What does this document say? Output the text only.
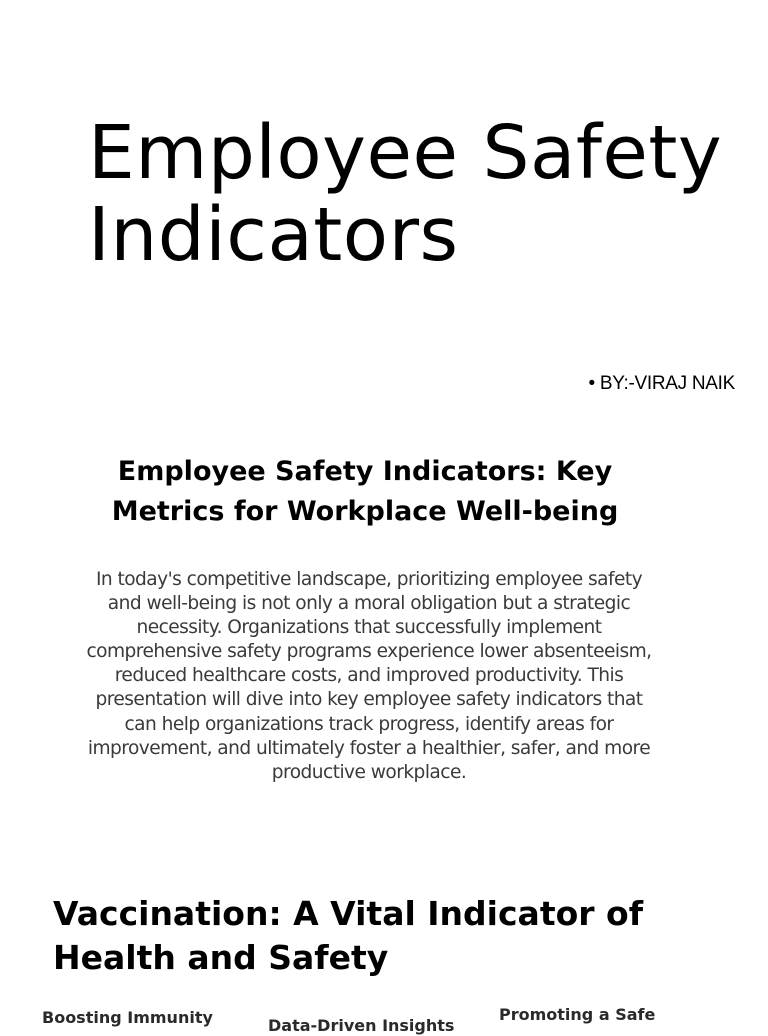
Employee Safety
Indicators

• BY:-VIRAJ NAIK

Employee Safety Indicators: Key Metrics for Workplace Well-being

In today's competitive landscape, prioritizing employee safety and well-being is not only a moral obligation but a strategic necessity. Organizations that successfully implement comprehensive safety programs experience lower absenteeism, reduced healthcare costs, and improved productivity. This presentation will dive into key employee safety indicators that can help organizations track progress, identify areas for improvement, and ultimately foster a healthier, safer, and more productive workplace.

Vaccination: A Vital Indicator of Health and Safety
Boosting Immunity	Data-Driven Insights
Promoting a Safe
